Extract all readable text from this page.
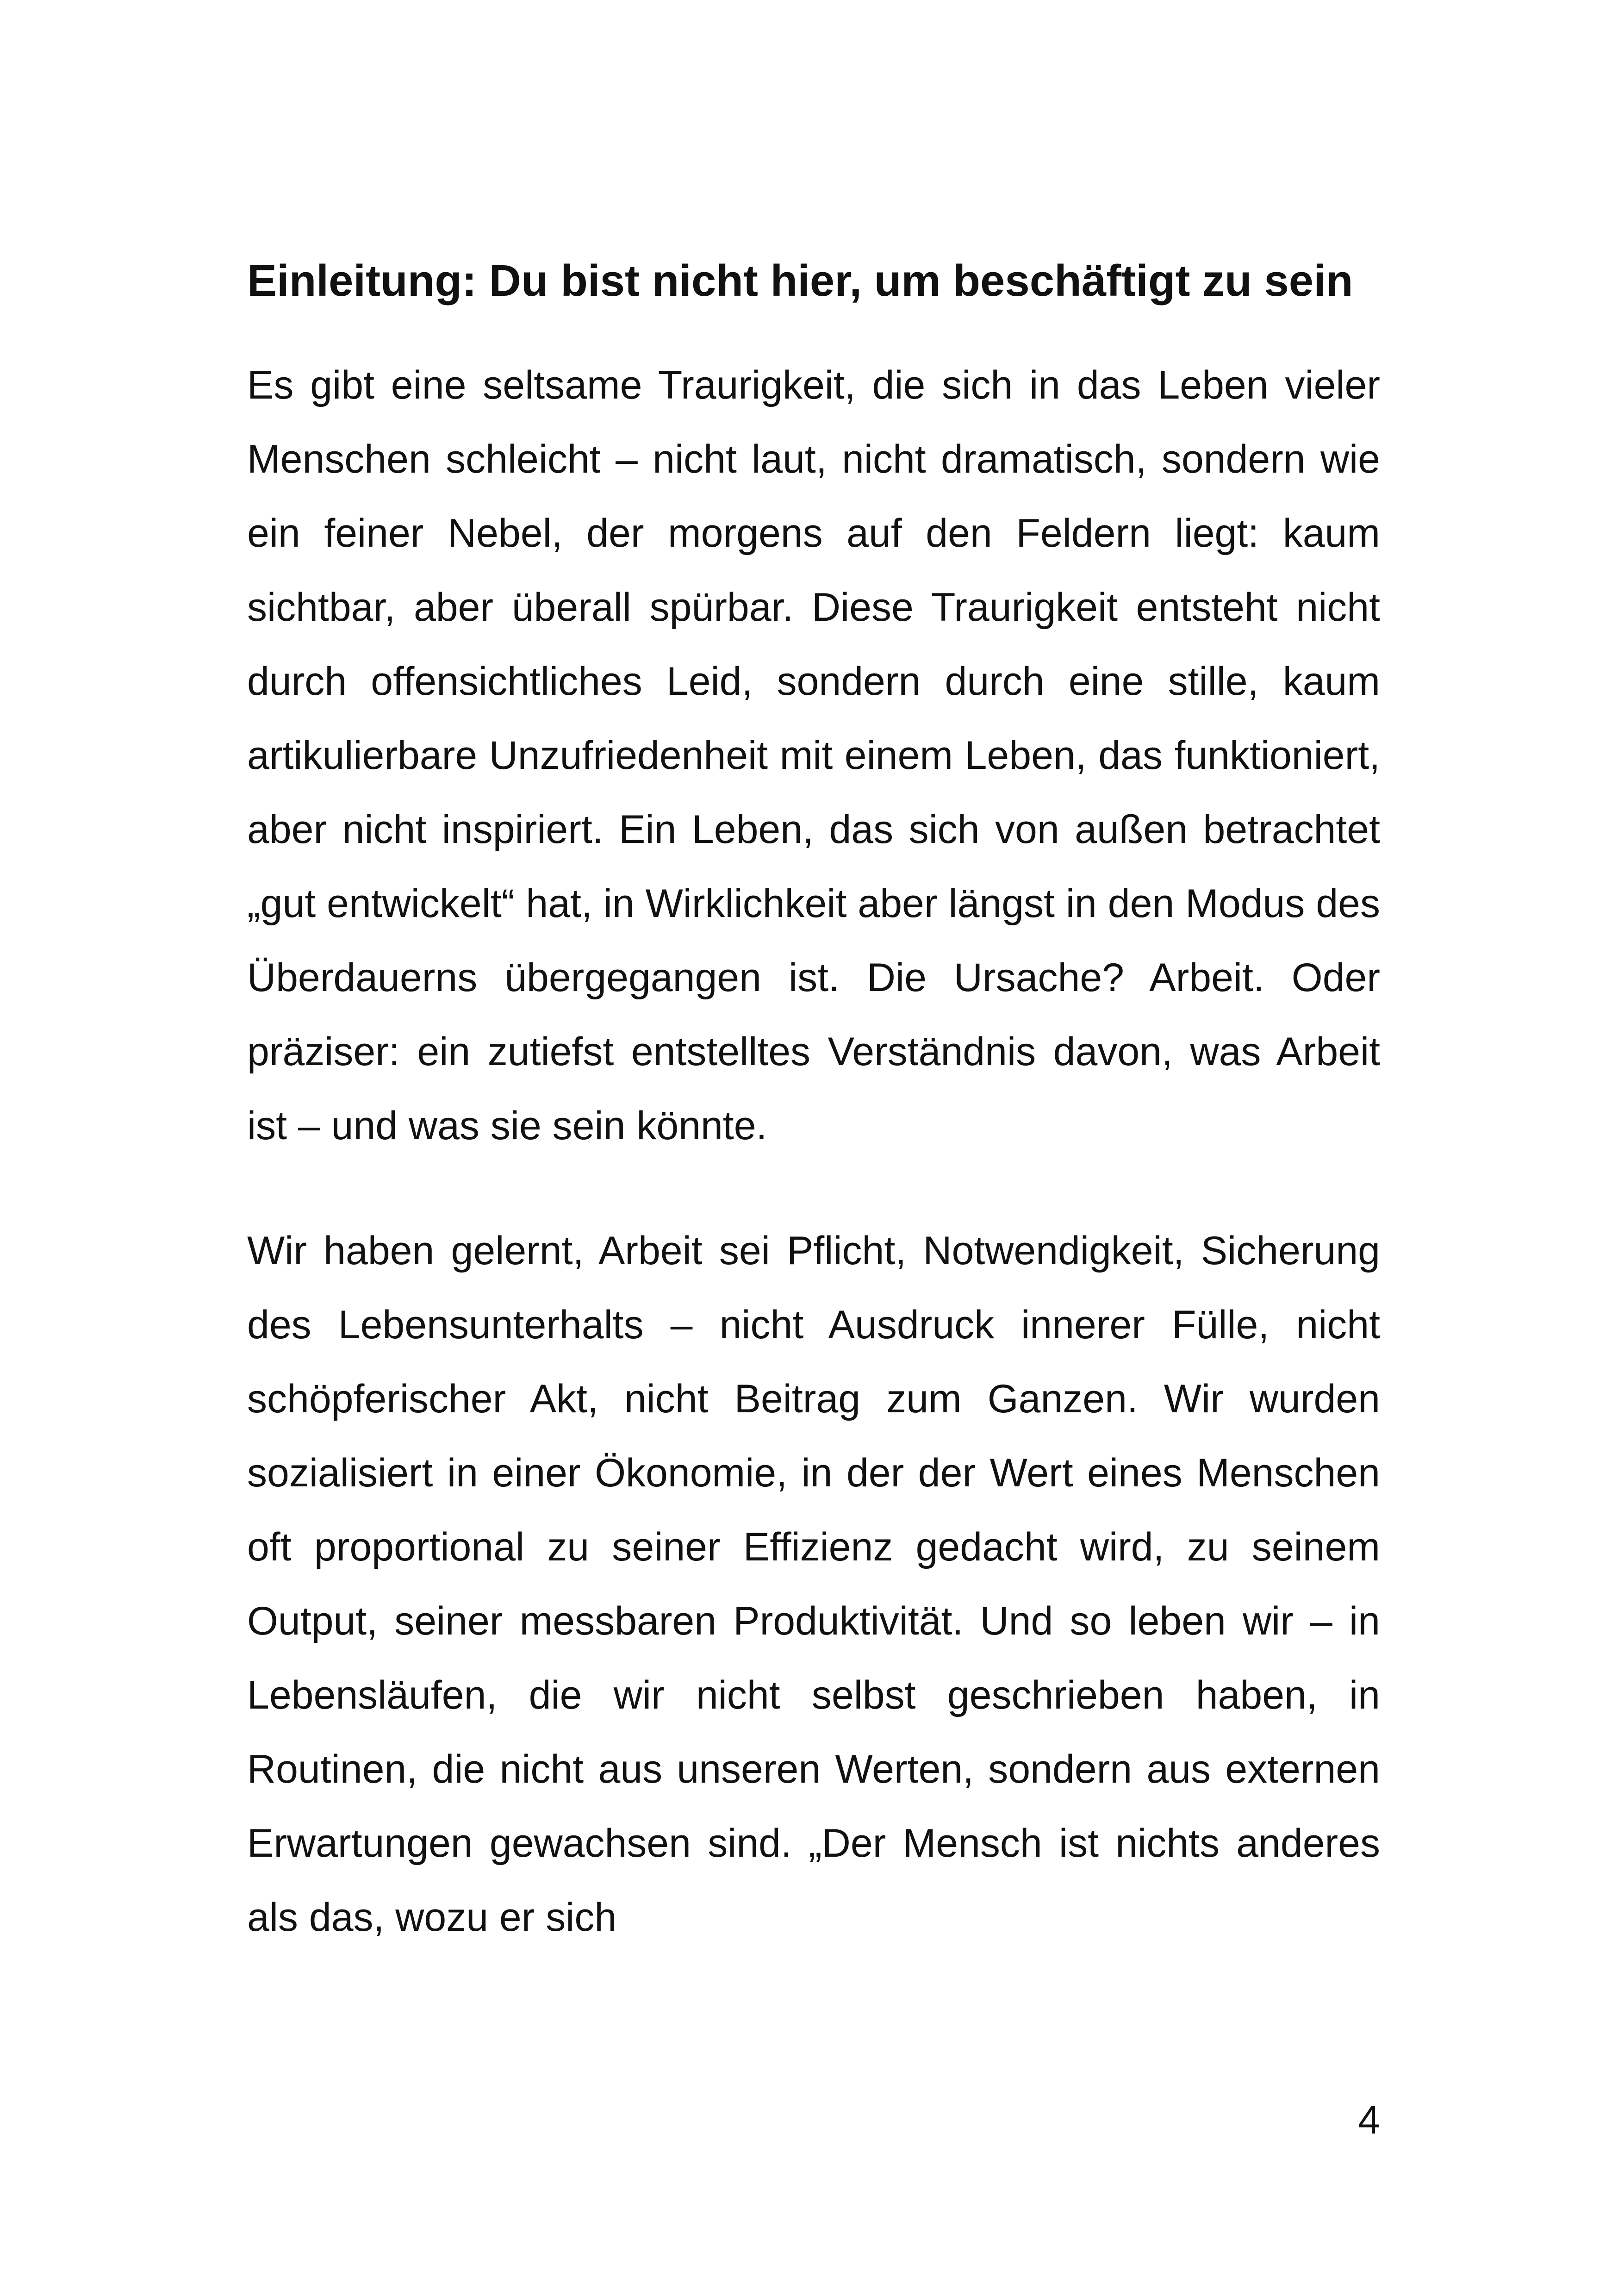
Einleitung: Du bist nicht hier, um beschäftigt zu sein

Es gibt eine seltsame Traurigkeit, die sich in das Leben vieler Menschen schleicht – nicht laut, nicht dramatisch, sondern wie ein feiner Nebel, der morgens auf den Feldern liegt: kaum sichtbar, aber überall spürbar. Diese Traurigkeit entsteht nicht durch offensichtliches Leid, sondern durch eine stille, kaum artikulierbare Unzufriedenheit mit einem Leben, das funktioniert, aber nicht inspiriert. Ein Leben, das sich von außen betrachtet „gut entwickelt“ hat, in Wirklichkeit aber längst in den Modus des Überdauerns übergegangen ist. Die Ursache? Arbeit. Oder präziser: ein zutiefst entstelltes Verständnis davon, was Arbeit ist – und was sie sein könnte.

Wir haben gelernt, Arbeit sei Pflicht, Notwendigkeit, Sicherung des Lebensunterhalts – nicht Ausdruck innerer Fülle, nicht schöpferischer Akt, nicht Beitrag zum Ganzen. Wir wurden sozialisiert in einer Ökonomie, in der der Wert eines Menschen oft proportional zu seiner Effizienz gedacht wird, zu seinem Output, seiner messbaren Produktivität. Und so leben wir – in Lebensläufen, die wir nicht selbst geschrieben haben, in Routinen, die nicht aus unseren Werten, sondern aus externen Erwartungen gewachsen sind. „Der Mensch ist nichts anderes als das, wozu er sich

4
